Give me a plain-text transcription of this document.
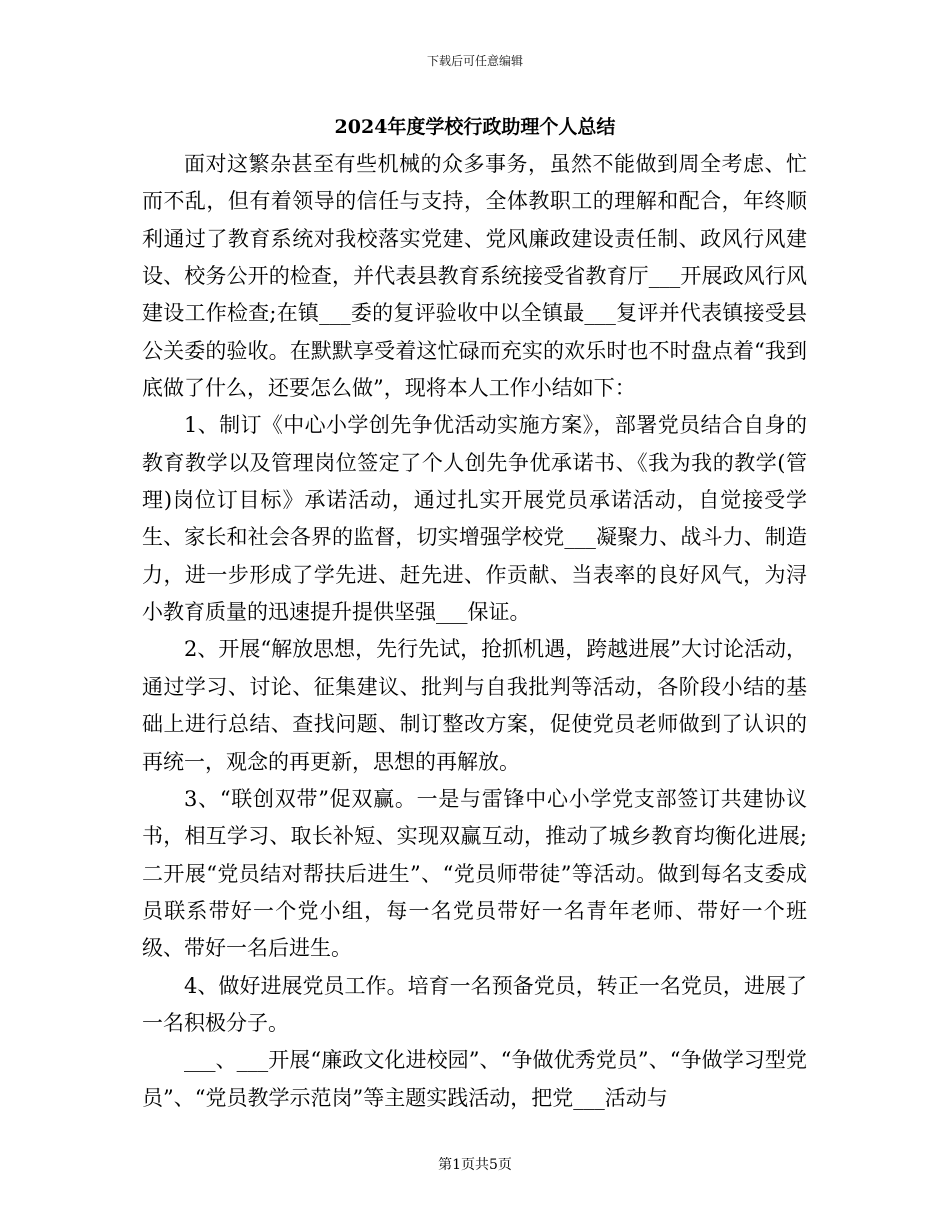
下载后可任意编辑
2024年度学校行政助理个人总结

面对这繁杂甚至有些机械的众多事务，虽然不能做到周全考虑、忙而不乱，但有着领导的信任与支持，全体教职工的理解和配合，年终顺利通过了教育系统对我校落实党建、党风廉政建设责任制、政风行风建设、校务公开的检查，并代表县教育系统接受省教育厅___开展政风行风建设工作检查;在镇___委的复评验收中以全镇最___复评并代表镇接受县公关委的验收。在默默享受着这忙碌而充实的欢乐时也不时盘点着“我到底做了什么，还要怎么做”，现将本人工作小结如下：

1、制订《中心小学创先争优活动实施方案》，部署党员结合自身的教育教学以及管理岗位签定了个人创先争优承诺书、《我为我的教学(管理)岗位订目标》承诺活动，通过扎实开展党员承诺活动，自觉接受学生、家长和社会各界的监督，切实增强学校党___凝聚力、战斗力、制造力，进一步形成了学先进、赶先进、作贡献、当表率的良好风气，为浔小教育质量的迅速提升提供坚强___保证。

2、开展“解放思想，先行先试，抢抓机遇，跨越进展”大讨论活动，通过学习、讨论、征集建议、批判与自我批判等活动，各阶段小结的基础上进行总结、查找问题、制订整改方案，促使党员老师做到了认识的再统一，观念的再更新，思想的再解放。

3、“联创双带”促双赢。一是与雷锋中心小学党支部签订共建协议书，相互学习、取长补短、实现双赢互动，推动了城乡教育均衡化进展;二开展“党员结对帮扶后进生”、“党员师带徒”等活动。做到每名支委成员联系带好一个党小组，每一名党员带好一名青年老师、带好一个班级、带好一名后进生。

4、做好进展党员工作。培育一名预备党员，转正一名党员，进展了一名积极分子。

___、___开展“廉政文化进校园”、“争做优秀党员”、“争做学习型党员”、“党员教学示范岗”等主题实践活动，把党___活动与

第1页共5页
